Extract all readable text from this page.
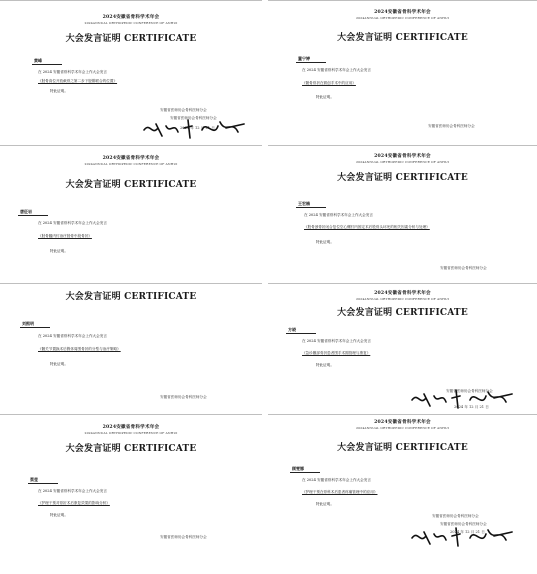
2024安徽省骨科学术年会
2024ANNUAL ORTHOPEDIC CONFERENCE OF ANHUI
大会发言证明 CERTIFICATE
黄峰
在 2024 安徽省骨科学术年会上作大会发言
《胫骨高位开放截骨之第二步下胫腓联合的位置》
特此证明。
安徽省医师协会骨科医师分会
安徽省医师协会骨科医师分会
2024 年 12 月 21 日
2024安徽省骨科学术年会
2024ANNUAL ORTHOPEDIC CONFERENCE OF ANHUI
大会发言证明 CERTIFICATE
董宁婷
在 2024 安徽省骨科学术年会上作大会发言
《骶骨骨折在微创手术中的应用》
特此证明。
安徽省医师协会骨科医师分会
2024安徽省骨科学术年会
2024ANNUAL ORTHOPEDIC CONFERENCE OF ANHUI
大会发言证明 CERTIFICATE
唐征岩
在 2024 安徽省骨科学术年会上作大会发言
《胫骨髓内钉治疗胫骨中段骨折》
特此证明。
2024安徽省骨科学术年会
2024ANNUAL ORTHOPEDIC CONFERENCE OF ANHUI
大会发言证明 CERTIFICATE
王宏楠
在 2024 安徽省骨科学术年会上作大会发言
《股骨颈骨折闭合复位空心螺钉内固定术后股骨头坏死的相关因素分析与处理》
特此证明。
安徽省医师协会骨科医师分会
大会发言证明 CERTIFICATE
刘熙明
在 2024 安徽省骨科学术年会上作大会发言
《髋关节置换术后假体周围骨折的分型与治疗策略》
特此证明。
安徽省医师协会骨科医师分会
2024安徽省骨科学术年会
2024ANNUAL ORTHOPEDIC CONFERENCE OF ANHUI
大会发言证明 CERTIFICATE
方晓
在 2024 安徽省骨科学术年会上作大会发言
《急诊髋部骨折患者围手术期管理与康复》
特此证明。
安徽省医师协会骨科医师分会
2024 年 12 月 21 日
2024安徽省骨科学术年会
2024ANNUAL ORTHOPEDIC CONFERENCE OF ANHUI
大会发言证明 CERTIFICATE
蔡莹
在 2024 安徽省骨科学术年会上作大会发言
《护理干预对骨折术后康复效果的影响分析》
特此证明。
安徽省医师协会骨科医师分会
2024安徽省骨科学术年会
2024ANNUAL ORTHOPEDIC CONFERENCE OF ANHUI
大会发言证明 CERTIFICATE
顾雯娜
在 2024 安徽省骨科学术年会上作大会发言
《护理干预在骨科术后患者疼痛管理中的应用》
特此证明。
安徽省医师协会骨科医师分会
安徽省医师协会骨科医师分会
2024 年 12 月 21 日
